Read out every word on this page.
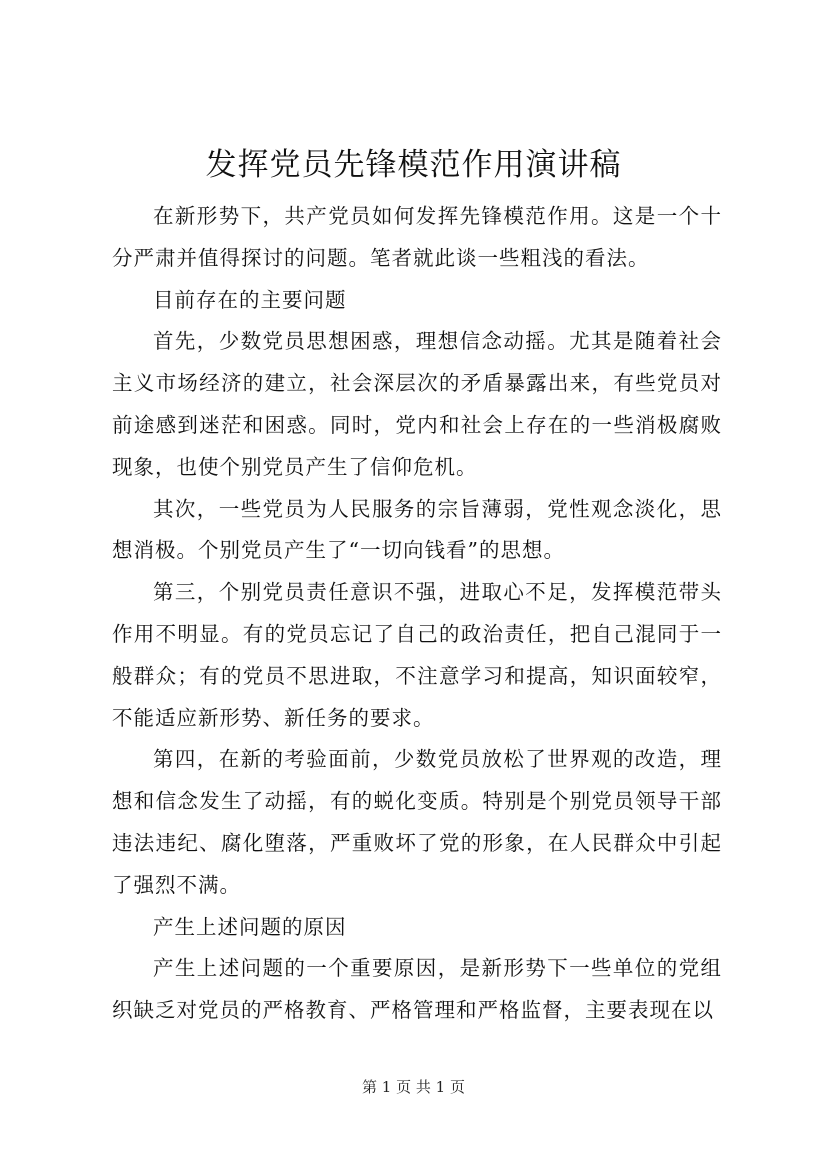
发挥党员先锋模范作用演讲稿

在新形势下，共产党员如何发挥先锋模范作用。这是一个十分严肃并值得探讨的问题。笔者就此谈一些粗浅的看法。

目前存在的主要问题

首先，少数党员思想困惑，理想信念动摇。尤其是随着社会主义市场经济的建立，社会深层次的矛盾暴露出来，有些党员对前途感到迷茫和困惑。同时，党内和社会上存在的一些消极腐败现象，也使个别党员产生了信仰危机。

其次，一些党员为人民服务的宗旨薄弱，党性观念淡化，思想消极。个别党员产生了“一切向钱看”的思想。

第三，个别党员责任意识不强，进取心不足，发挥模范带头作用不明显。有的党员忘记了自己的政治责任，把自己混同于一般群众；有的党员不思进取，不注意学习和提高，知识面较窄，不能适应新形势、新任务的要求。

第四，在新的考验面前，少数党员放松了世界观的改造，理想和信念发生了动摇，有的蜕化变质。特别是个别党员领导干部违法违纪、腐化堕落，严重败坏了党的形象，在人民群众中引起了强烈不满。

产生上述问题的原因

产生上述问题的一个重要原因，是新形势下一些单位的党组织缺乏对党员的严格教育、严格管理和严格监督，主要表现在以

第 1 页 共 1 页
